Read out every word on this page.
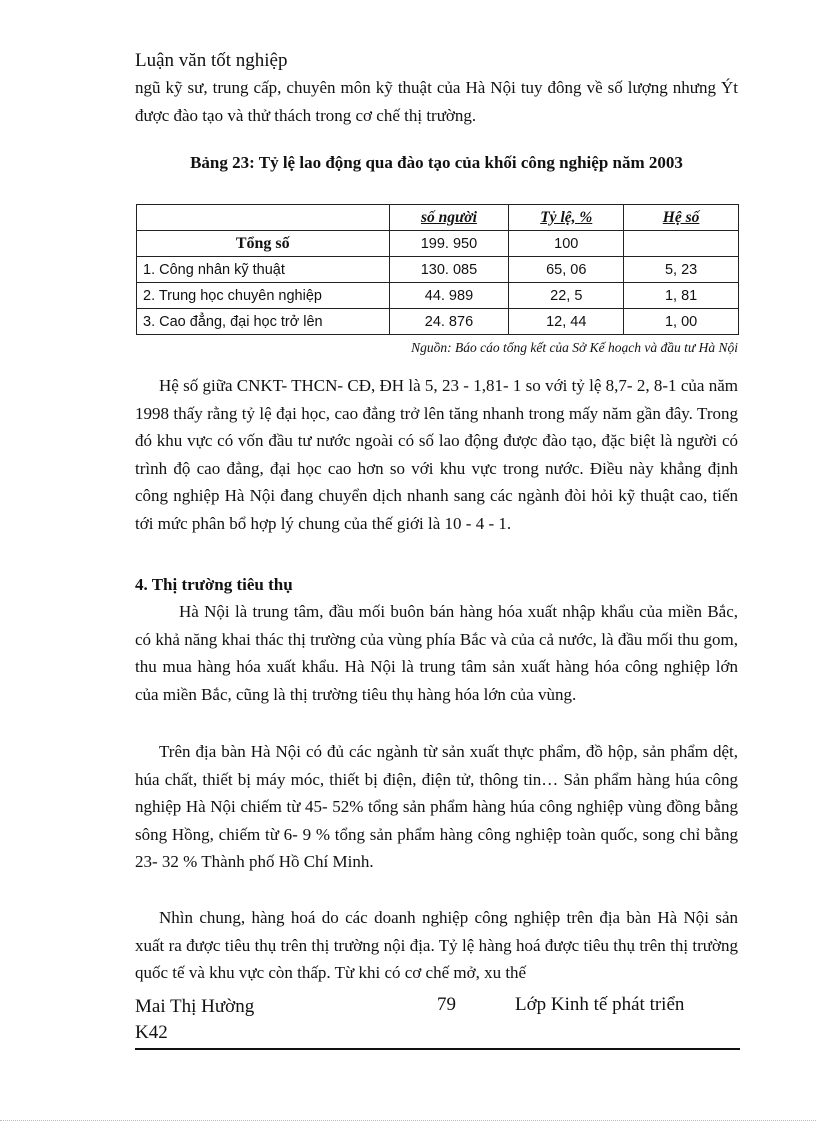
Luận văn tốt nghiệp
ngũ kỹ sư, trung cấp, chuyên môn kỹ thuật của Hà Nội tuy đông về số lượng nhưng Ýt được đào tạo và thử thách trong cơ chế thị trường.
Bảng 23: Tỷ lệ lao động qua đào tạo của khối công nghiệp năm 2003
	số người	Tỷ lệ, %	Hệ số
Tổng số	199. 950	100	
1. Công nhân kỹ thuật	130. 085	65, 06	5, 23
2. Trung học chuyên nghiệp	44. 989	22, 5	1, 81
3. Cao đẳng, đại học trở lên	24. 876	12, 44	1, 00
Nguồn: Báo cáo tổng kết của Sở Kế hoạch và đầu tư Hà Nội
Hệ số giữa CNKT- THCN- CĐ, ĐH là 5, 23 - 1,81- 1 so với tỷ lệ 8,7- 2, 8-1 của năm 1998 thấy rằng tỷ lệ đại học, cao đẳng trở lên tăng nhanh trong mấy năm gần đây. Trong đó khu vực có vốn đầu tư nước ngoài có số lao động được đào tạo, đặc biệt là người có trình độ cao đẳng, đại học cao hơn so với khu vực trong nước. Điều này khẳng định công nghiệp Hà Nội đang chuyển dịch nhanh sang các ngành đòi hỏi kỹ thuật cao, tiến tới mức phân bổ hợp lý chung của thế giới là 10 - 4 - 1.
4. Thị trường tiêu thụ
Hà Nội là trung tâm, đầu mối buôn bán hàng hóa xuất nhập khẩu của miền Bắc, có khả năng khai thác thị trường của vùng phía Bắc và của cả nước, là đầu mối thu gom, thu mua hàng hóa xuất khẩu. Hà Nội là trung tâm sản xuất hàng hóa công nghiệp lớn của miền Bắc, cũng là thị trường tiêu thụ hàng hóa lớn của vùng.
Trên địa bàn Hà Nội có đủ các ngành từ sản xuất thực phẩm, đồ hộp, sản phẩm dệt, húa chất, thiết bị máy móc, thiết bị điện, điện tử, thông tin… Sản phẩm hàng húa công nghiệp Hà Nội chiếm từ 45- 52% tổng sản phẩm hàng húa công nghiệp vùng đồng bằng sông Hồng, chiếm từ 6- 9 % tổng sản phẩm hàng công nghiệp toàn quốc, song chỉ bằng 23- 32 % Thành phố Hồ Chí Minh.
Nhìn chung, hàng hoá do các doanh nghiệp công nghiệp trên địa bàn Hà Nội sản xuất ra được tiêu thụ trên thị trường nội địa. Tỷ lệ hàng hoá được tiêu thụ trên thị trường quốc tế và khu vực còn thấp. Từ khi có cơ chế mở, xu thế
Mai Thị Hường
K42
79	Lớp Kinh tế phát triển
